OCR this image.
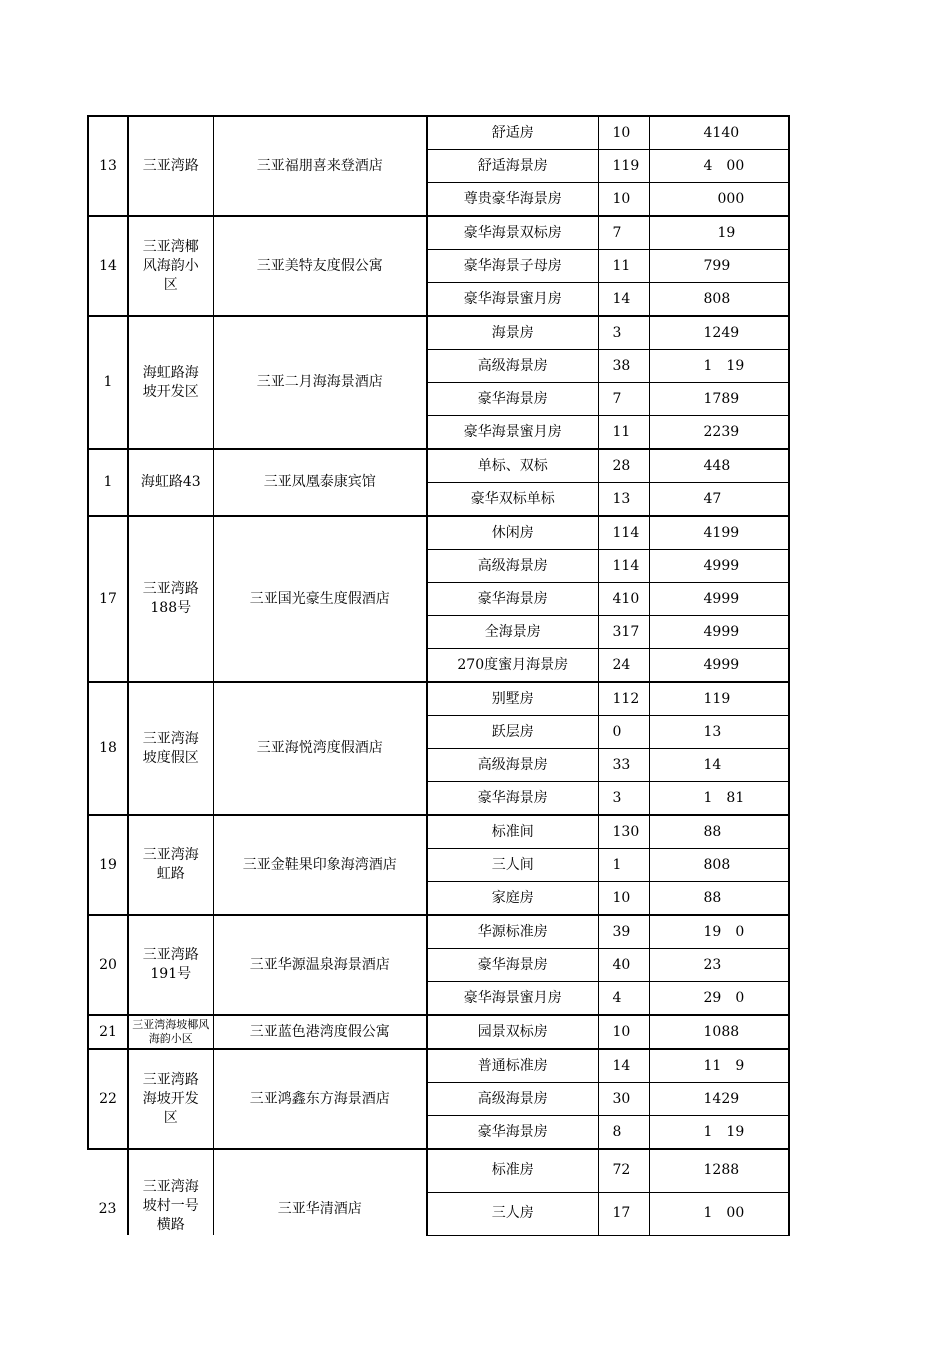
13	三亚湾路	三亚福朋喜来登酒店	舒适房	10	4140
			舒适海景房	119	4　00
			尊贵豪华海景房	10	　000
14	三亚湾椰风海韵小区	三亚美特友度假公寓	豪华海景双标房	7	　19
			豪华海景子母房	11	799
			豪华海景蜜月房	14	808
1	海虹路海坡开发区	三亚二月海海景酒店	海景房	3	1249
			高级海景房	38	1　19
			豪华海景房	7	1789
			豪华海景蜜月房	11	2239
1	海虹路43	三亚凤凰泰康宾馆	单标、双标	28	448
			豪华双标单标	13	47
17	三亚湾路188号	三亚国光豪生度假酒店	休闲房	114	4199
			高级海景房	114	4999
			豪华海景房	410	4999
			全海景房	317	4999
			270度蜜月海景房	24	4999
18	三亚湾海坡度假区	三亚海悦湾度假酒店	别墅房	112	119
			跃层房	0	13
			高级海景房	33	14
			豪华海景房	3	1　81
19	三亚湾海虹路	三亚金鞋果印象海湾酒店	标准间	130	88
			三人间	1	808
			家庭房	10	88
20	三亚湾路191号	三亚华源温泉海景酒店	华源标准房	39	19　0
			豪华海景房	40	23
			豪华海景蜜月房	4	29　0
21	三亚湾海坡椰风海韵小区	三亚蓝色港湾度假公寓	园景双标房	10	1088
22	三亚湾路海坡开发区	三亚鸿鑫东方海景酒店	普通标准房	14	11　9
			高级海景房	30	1429
			豪华海景房	8	1　19
23	三亚湾海坡村一号横路	三亚华清酒店	标准房	72	1288
			三人房	17	1　00
